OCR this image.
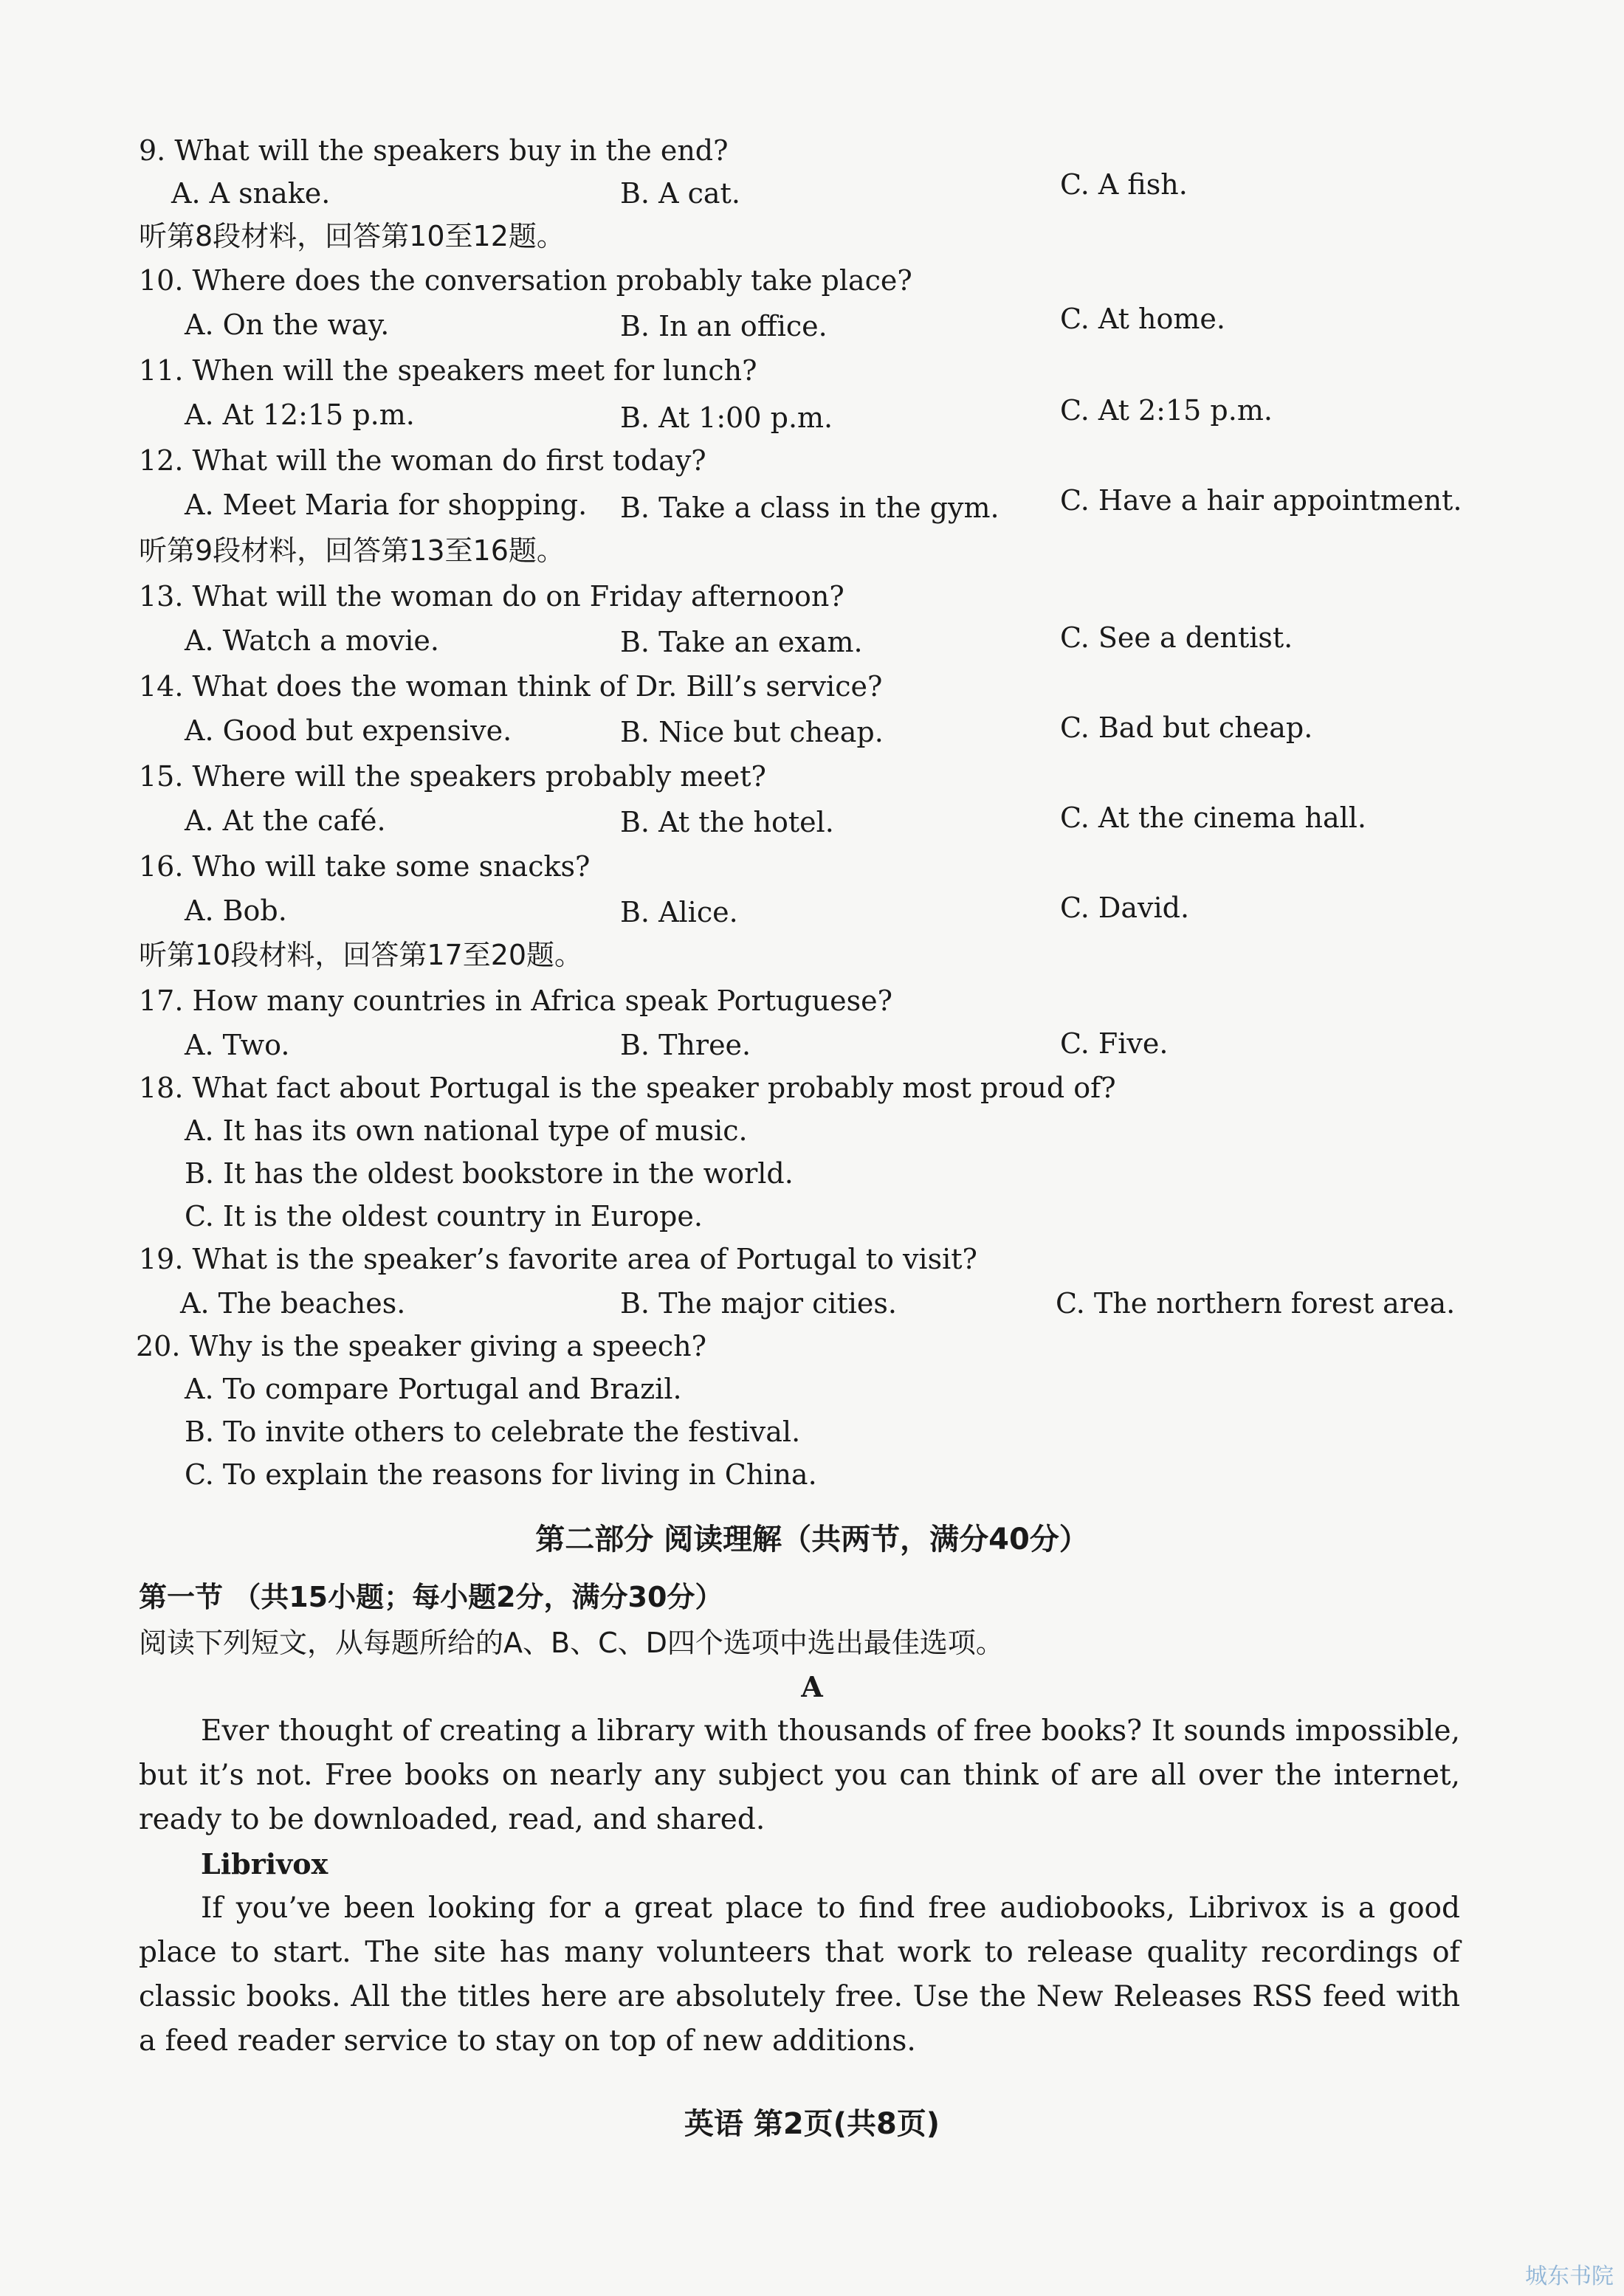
9. What will the speakers buy in the end?
A. A snake.	B. A cat.	C. A fish.
听第8段材料，回答第10至12题。
10. Where does the conversation probably take place?
A. On the way.	B. In an office.	C. At home.
11. When will the speakers meet for lunch?
A. At 12:15 p.m.	B. At 1:00 p.m.	C. At 2:15 p.m.
12. What will the woman do first today?
A. Meet Maria for shopping. B. Take a class in the gym. C. Have a hair appointment.
听第9段材料，回答第13至16题。
13. What will the woman do on Friday afternoon?
A. Watch a movie.	B. Take an exam.	C. See a dentist.
14. What does the woman think of Dr. Bill’s service?
A. Good but expensive.	B. Nice but cheap.	C. Bad but cheap.
15. Where will the speakers probably meet?
A. At the café.	B. At the hotel.	C. At the cinema hall.
16. Who will take some snacks?
A. Bob.	B. Alice.	C. David.
听第10段材料，回答第17至20题。
17. How many countries in Africa speak Portuguese?
A. Two.	B. Three.	C. Five.
18. What fact about Portugal is the speaker probably most proud of?
A. It has its own national type of music.
B. It has the oldest bookstore in the world.
C. It is the oldest country in Europe.
19. What is the speaker’s favorite area of Portugal to visit?
A. The beaches.	B. The major cities.	C. The northern forest area.
20. Why is the speaker giving a speech?
A. To compare Portugal and Brazil.
B. To invite others to celebrate the festival.
C. To explain the reasons for living in China.
第二部分 阅读理解（共两节，满分40分）
第一节 （共15小题；每小题2分，满分30分）
阅读下列短文，从每题所给的A、B、C、D四个选项中选出最佳选项。
A
Ever thought of creating a library with thousands of free books? It sounds impossible, but it’s not. Free books on nearly any subject you can think of are all over the internet, ready to be downloaded, read, and shared.
Librivox
If you’ve been looking for a great place to find free audiobooks, Librivox is a good place to start. The site has many volunteers that work to release quality recordings of classic books. All the titles here are absolutely free. Use the New Releases RSS feed with a feed reader service to stay on top of new additions.
英语 第2页(共8页)
城东书院
